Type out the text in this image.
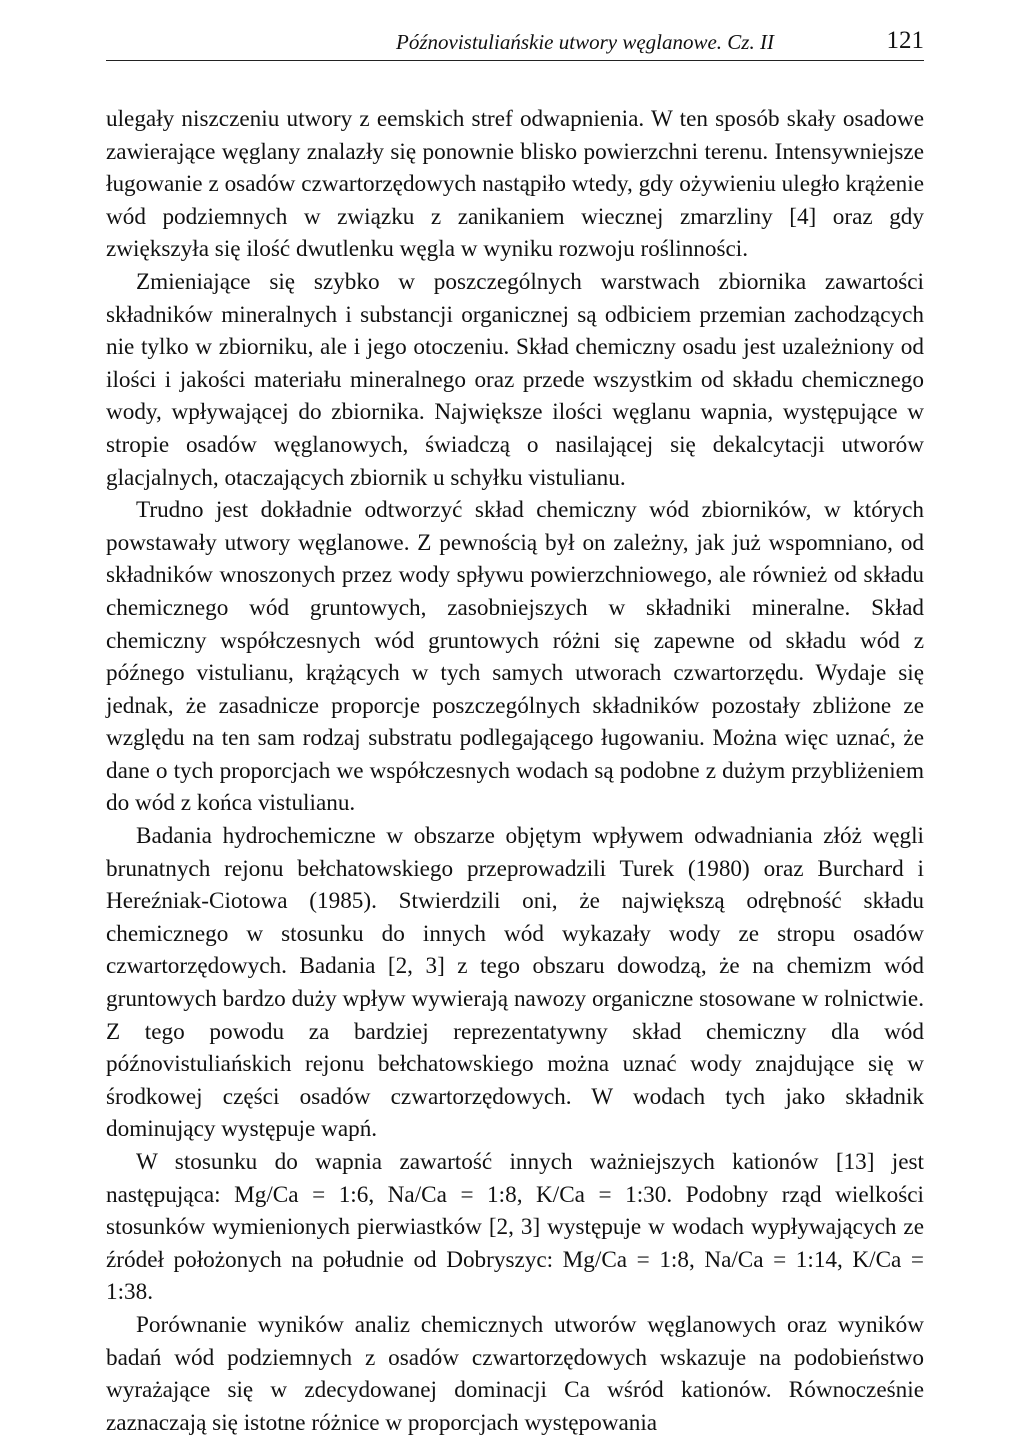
Późnovistuliańskie utwory węglanowe. Cz. II	121

ulegały niszczeniu utwory z eemskich stref odwapnienia. W ten sposób skały osadowe zawierające węglany znalazły się ponownie blisko powierzchni terenu. Intensywniejsze ługowanie z osadów czwartorzędowych nastąpiło wtedy, gdy ożywieniu uległo krążenie wód podziemnych w związku z zanikaniem wiecznej zmarzliny [4] oraz gdy zwiększyła się ilość dwutlenku węgla w wyniku rozwoju roślinności.

Zmieniające się szybko w poszczególnych warstwach zbiornika zawartości składników mineralnych i substancji organicznej są odbiciem przemian zachodzących nie tylko w zbiorniku, ale i jego otoczeniu. Skład chemiczny osadu jest uzależniony od ilości i jakości materiału mineralnego oraz przede wszystkim od składu chemicznego wody, wpływającej do zbiornika. Największe ilości węglanu wapnia, występujące w stropie osadów węglanowych, świadczą o nasilającej się dekalcytacji utworów glacjalnych, otaczających zbiornik u schyłku vistulianu.

Trudno jest dokładnie odtworzyć skład chemiczny wód zbiorników, w których powstawały utwory węglanowe. Z pewnością był on zależny, jak już wspomniano, od składników wnoszonych przez wody spływu powierzchniowego, ale również od składu chemicznego wód gruntowych, zasobniejszych w składniki mineralne. Skład chemiczny współczesnych wód gruntowych różni się zapewne od składu wód z późnego vistulianu, krążących w tych samych utworach czwartorzędu. Wydaje się jednak, że zasadnicze proporcje poszczególnych składników pozostały zbliżone ze względu na ten sam rodzaj substratu podlegającego ługowaniu. Można więc uznać, że dane o tych proporcjach we współczesnych wodach są podobne z dużym przybliżeniem do wód z końca vistulianu.

Badania hydrochemiczne w obszarze objętym wpływem odwadniania złóż węgli brunatnych rejonu bełchatowskiego przeprowadzili Turek (1980) oraz Burchard i Hereźniak-Ciotowa (1985). Stwierdzili oni, że największą odrębność składu chemicznego w stosunku do innych wód wykazały wody ze stropu osadów czwartorzędowych. Badania [2, 3] z tego obszaru dowodzą, że na chemizm wód gruntowych bardzo duży wpływ wywierają nawozy organiczne stosowane w rolnictwie. Z tego powodu za bardziej reprezentatywny skład chemiczny dla wód późnovistuliańskich rejonu bełchatowskiego można uznać wody znajdujące się w środkowej części osadów czwartorzędowych. W wodach tych jako składnik dominujący występuje wapń.

W stosunku do wapnia zawartość innych ważniejszych kationów [13] jest następująca: Mg/Ca = 1:6, Na/Ca = 1:8, K/Ca = 1:30. Podobny rząd wielkości stosunków wymienionych pierwiastków [2, 3] występuje w wodach wypływających ze źródeł położonych na południe od Dobryszyc: Mg/Ca = 1:8, Na/Ca = 1:14, K/Ca = 1:38.

Porównanie wyników analiz chemicznych utworów węglanowych oraz wyników badań wód podziemnych z osadów czwartorzędowych wskazuje na podobieństwo wyrażające się w zdecydowanej dominacji Ca wśród kationów. Równocześnie zaznaczają się istotne różnice w proporcjach występowania
